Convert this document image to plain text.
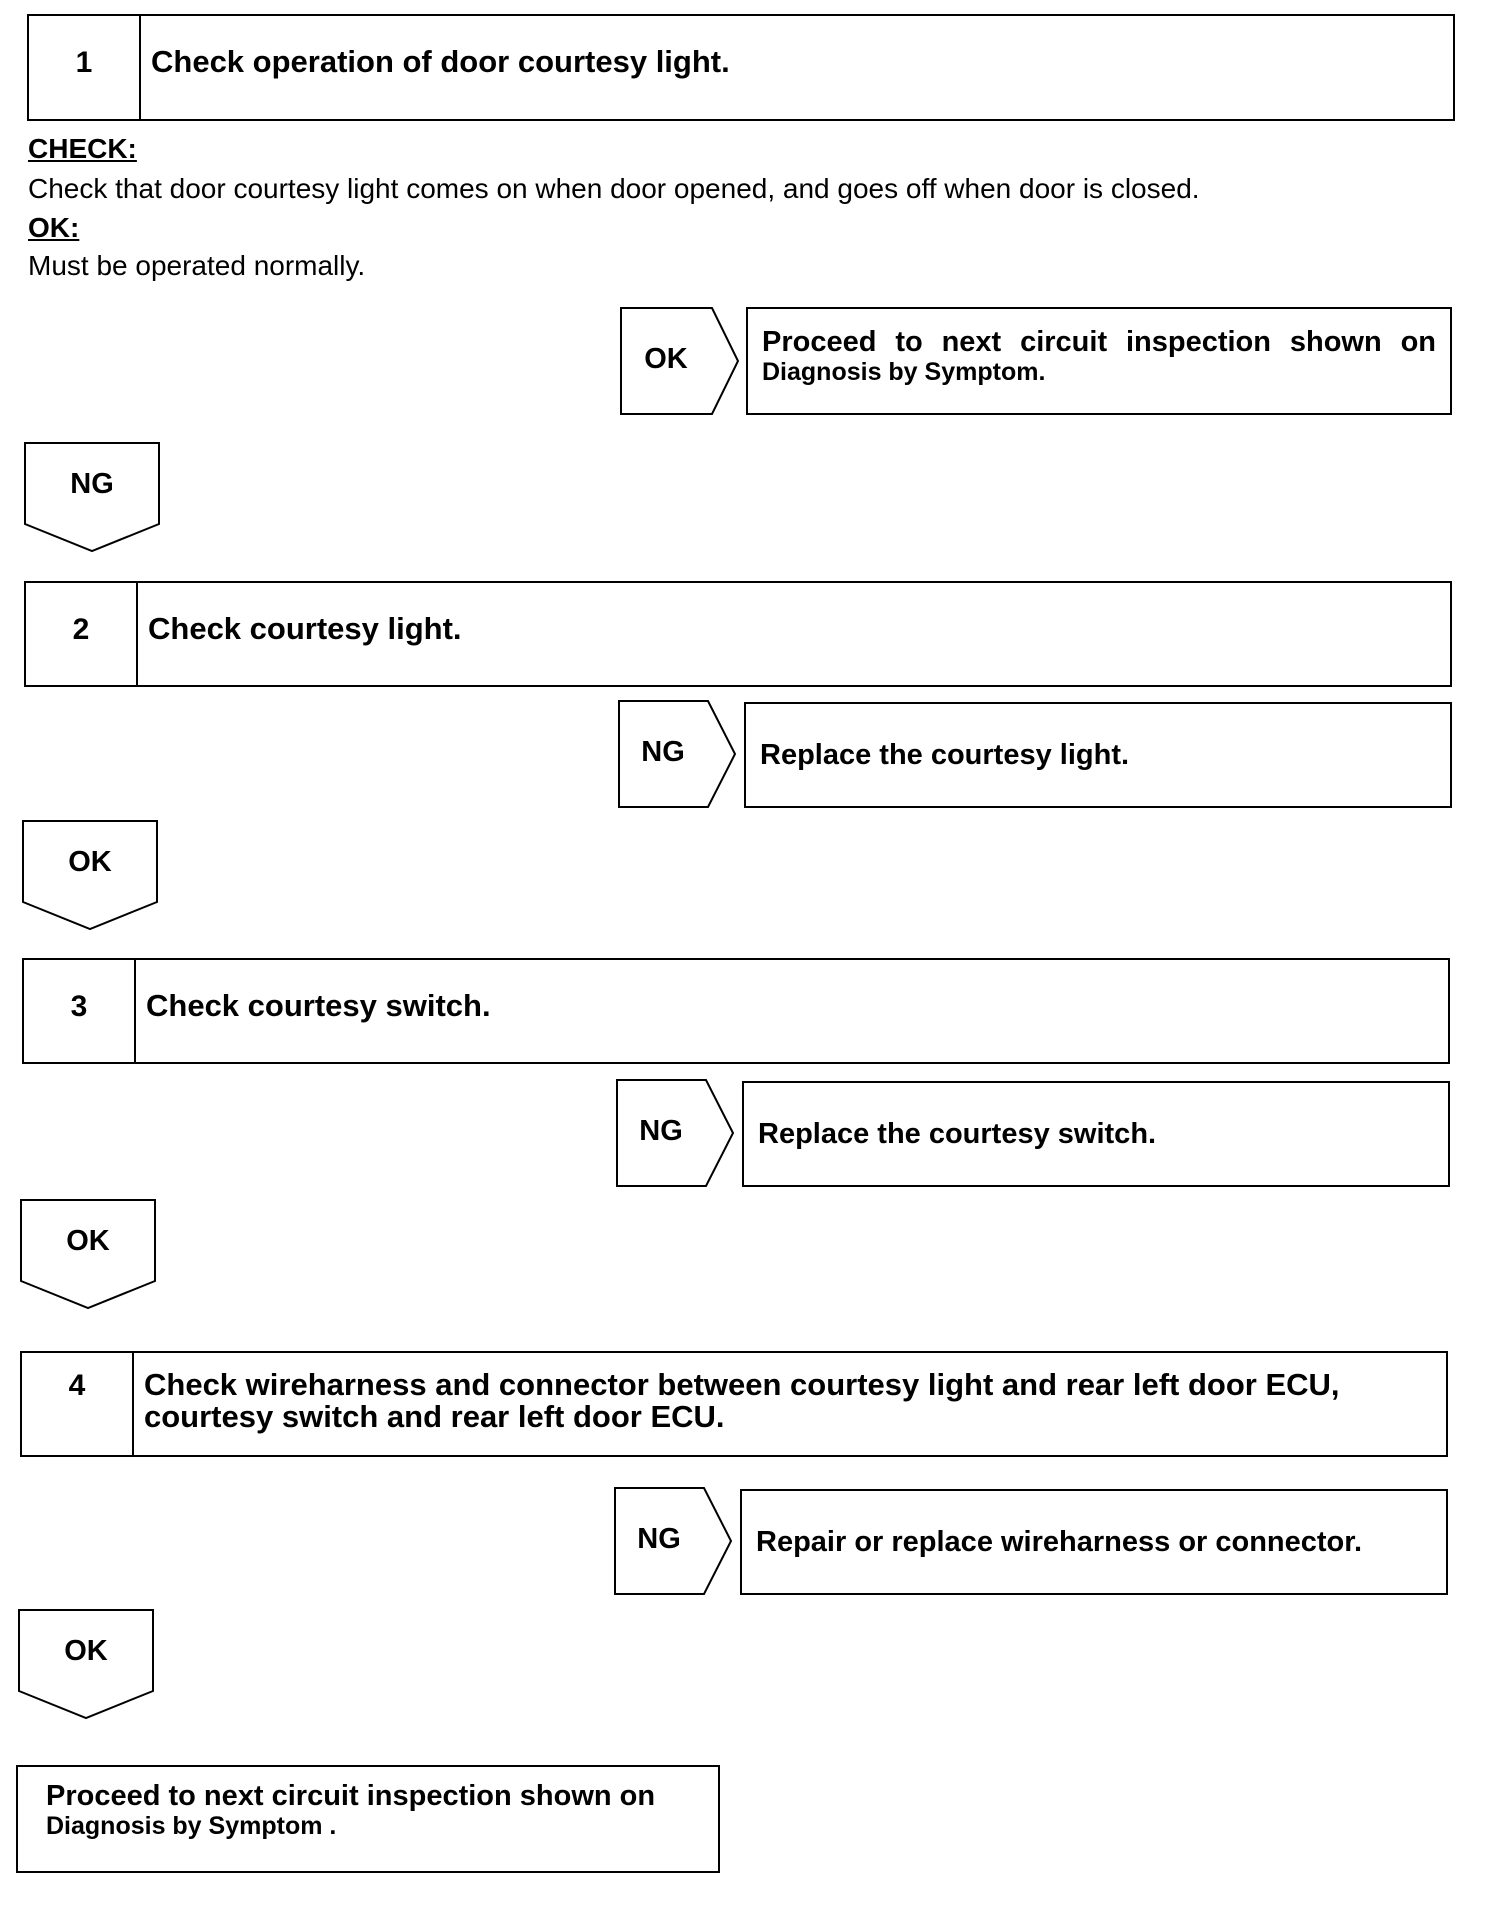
1	Check operation of door courtesy light.
CHECK:
Check that door courtesy light comes on when door opened, and goes off when door is closed.
OK:
Must be operated normally.
OK
Proceed to next circuit inspection shown on
Diagnosis by Symptom.
NG
2	Check courtesy light.
NG	Replace the courtesy light.
OK
3	Check courtesy switch.
NG	Replace the courtesy switch.
OK
4	Check wireharness and connector between courtesy light and rear left door ECU, courtesy switch and rear left door ECU.
NG	Repair or replace wireharness or connector.
OK
Proceed to next circuit inspection shown on
Diagnosis by Symptom .
